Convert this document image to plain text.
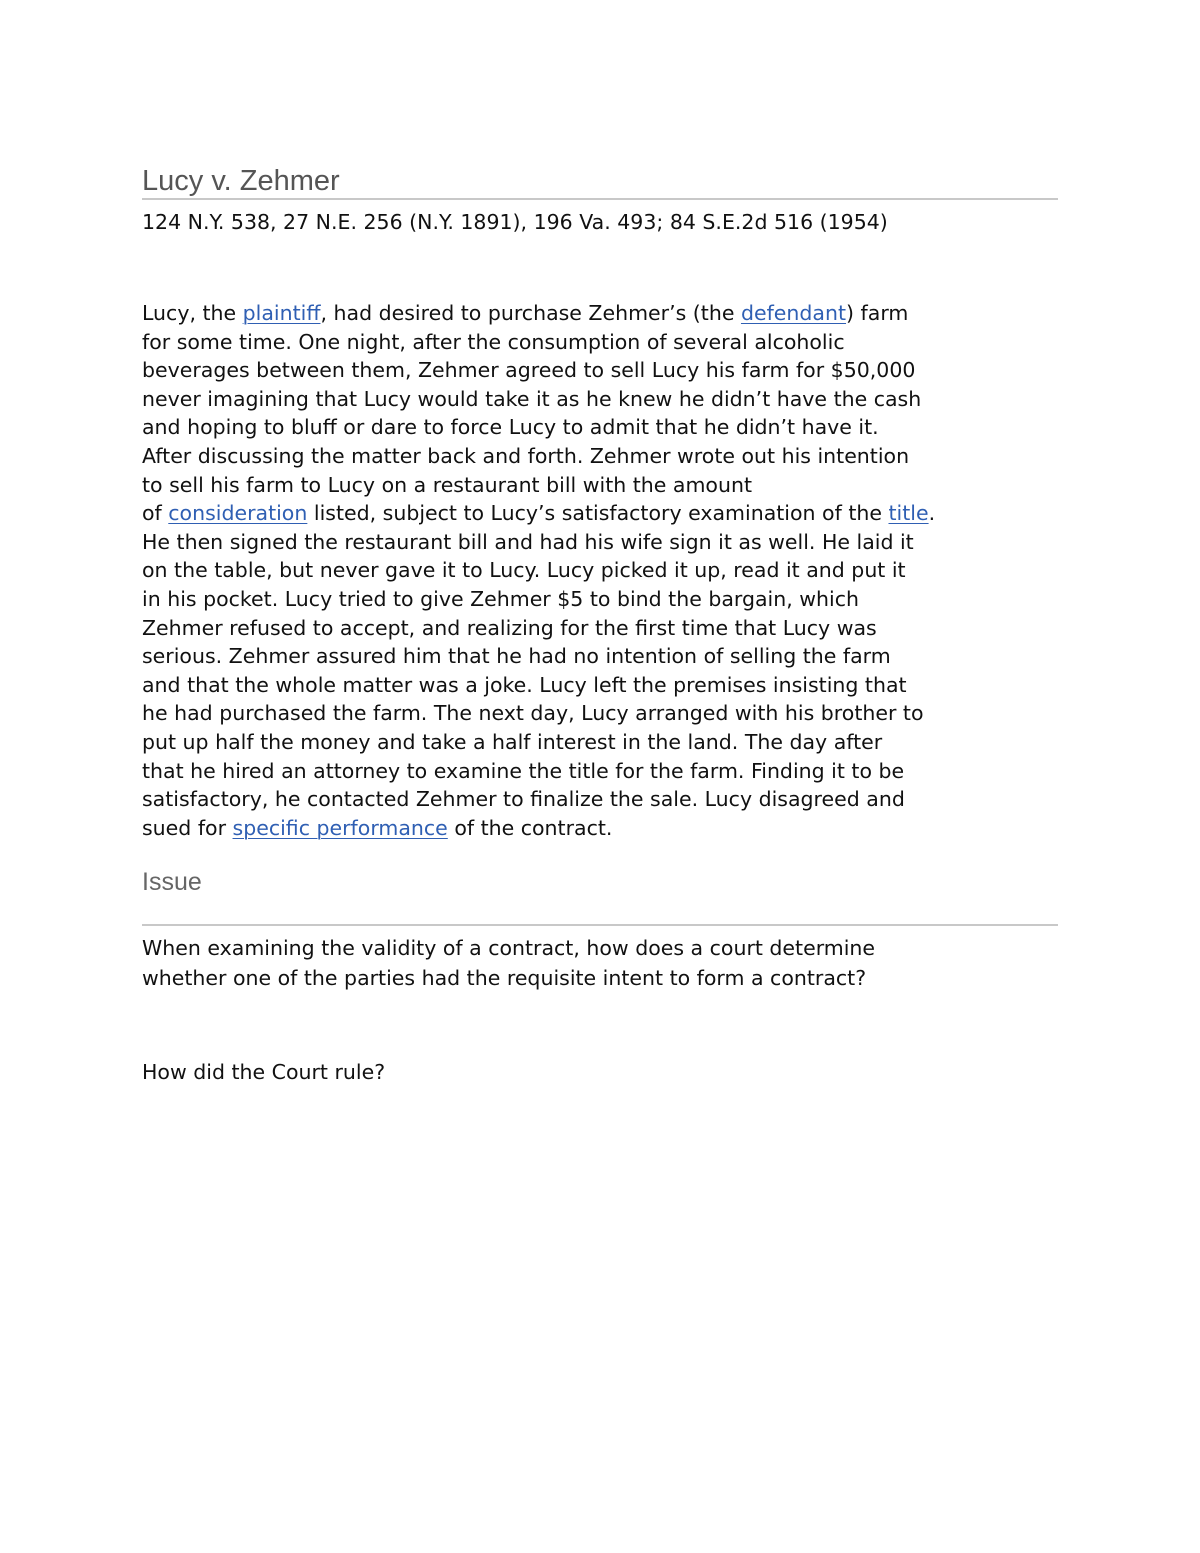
Lucy v. Zehmer

124 N.Y. 538, 27 N.E. 256 (N.Y. 1891), 196 Va. 493; 84 S.E.2d 516 (1954)

Lucy, the plaintiff, had desired to purchase Zehmer’s (the defendant) farm
for some time. One night, after the consumption of several alcoholic
beverages between them, Zehmer agreed to sell Lucy his farm for $50,000
never imagining that Lucy would take it as he knew he didn’t have the cash
and hoping to bluff or dare to force Lucy to admit that he didn’t have it.
After discussing the matter back and forth. Zehmer wrote out his intention
to sell his farm to Lucy on a restaurant bill with the amount
of consideration listed, subject to Lucy’s satisfactory examination of the title.
He then signed the restaurant bill and had his wife sign it as well. He laid it
on the table, but never gave it to Lucy. Lucy picked it up, read it and put it
in his pocket. Lucy tried to give Zehmer $5 to bind the bargain, which
Zehmer refused to accept, and realizing for the first time that Lucy was
serious. Zehmer assured him that he had no intention of selling the farm
and that the whole matter was a joke. Lucy left the premises insisting that
he had purchased the farm. The next day, Lucy arranged with his brother to
put up half the money and take a half interest in the land. The day after
that he hired an attorney to examine the title for the farm. Finding it to be
satisfactory, he contacted Zehmer to finalize the sale. Lucy disagreed and
sued for specific performance of the contract.

Issue

When examining the validity of a contract, how does a court determine
whether one of the parties had the requisite intent to form a contract?

How did the Court rule?
